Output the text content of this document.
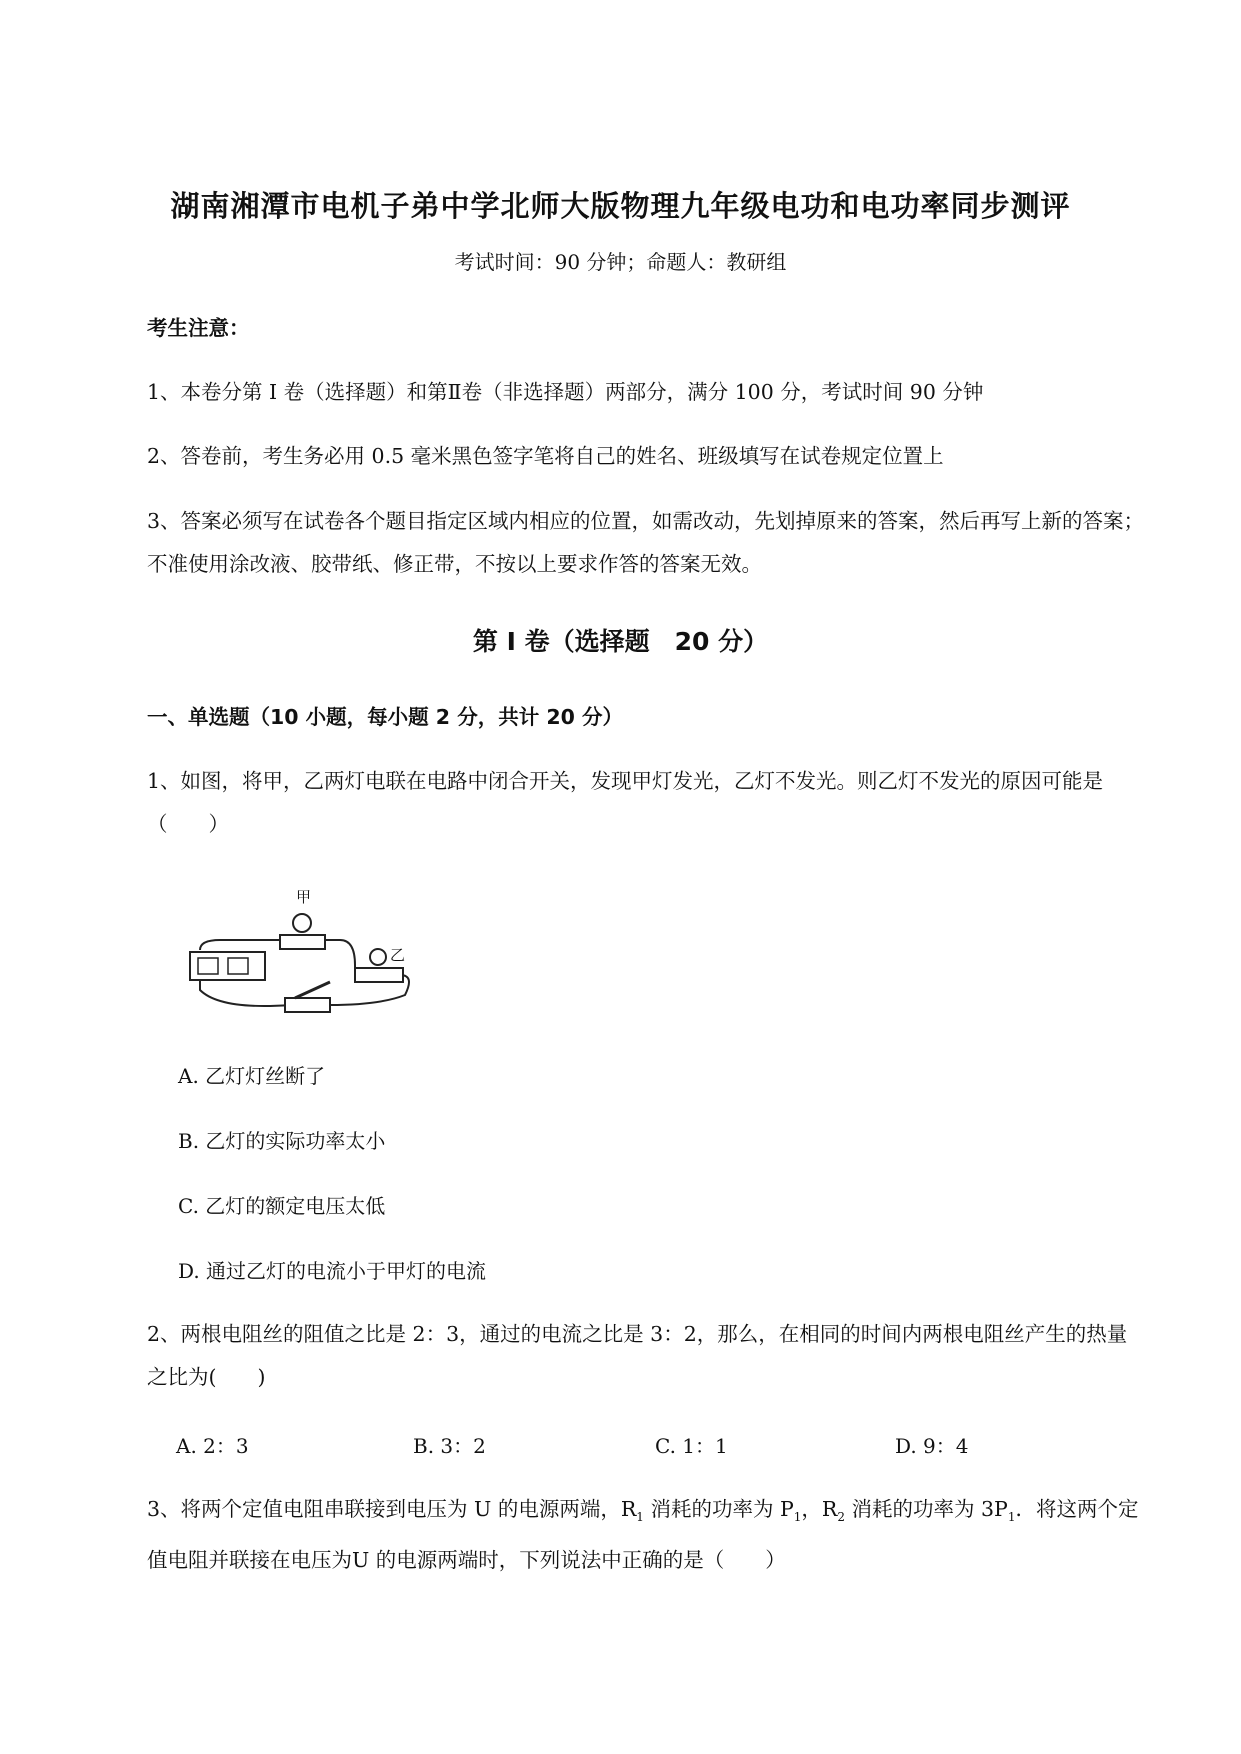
湖南湘潭市电机子弟中学北师大版物理九年级电功和电功率同步测评
考试时间：90 分钟；命题人：教研组

考生注意：

1、本卷分第 I 卷（选择题）和第Ⅱ卷（非选择题）两部分，满分 100 分，考试时间 90 分钟

2、答卷前，考生务必用 0.5 毫米黑色签字笔将自己的姓名、班级填写在试卷规定位置上

3、答案必须写在试卷各个题目指定区域内相应的位置，如需改动，先划掉原来的答案，然后再写上新的答案；不准使用涂改液、胶带纸、修正带，不按以上要求作答的答案无效。

第 I 卷（选择题　20 分）

一、单选题（10 小题，每小题 2 分，共计 20 分）

1、如图，将甲，乙两灯电联在电路中闭合开关，发现甲灯发光，乙灯不发光。则乙灯不发光的原因可能是（　　）

甲
乙
A. 乙灯灯丝断了
B. 乙灯的实际功率太小
C. 乙灯的额定电压太低
D. 通过乙灯的电流小于甲灯的电流

2、两根电阻丝的阻值之比是 2：3，通过的电流之比是 3：2，那么，在相同的时间内两根电阻丝产生的热量之比为(　　)

A. 2：3	B. 3：2	C. 1：1	D. 9：4

3、将两个定值电阻串联接到电压为 U 的电源两端，$R_1$ 消耗的功率为 $P_1$，$R_2$ 消耗的功率为 $3P_1$．将这两个定值电阻并联接在电压为U 的电源两端时，下列说法中正确的是（　　）
